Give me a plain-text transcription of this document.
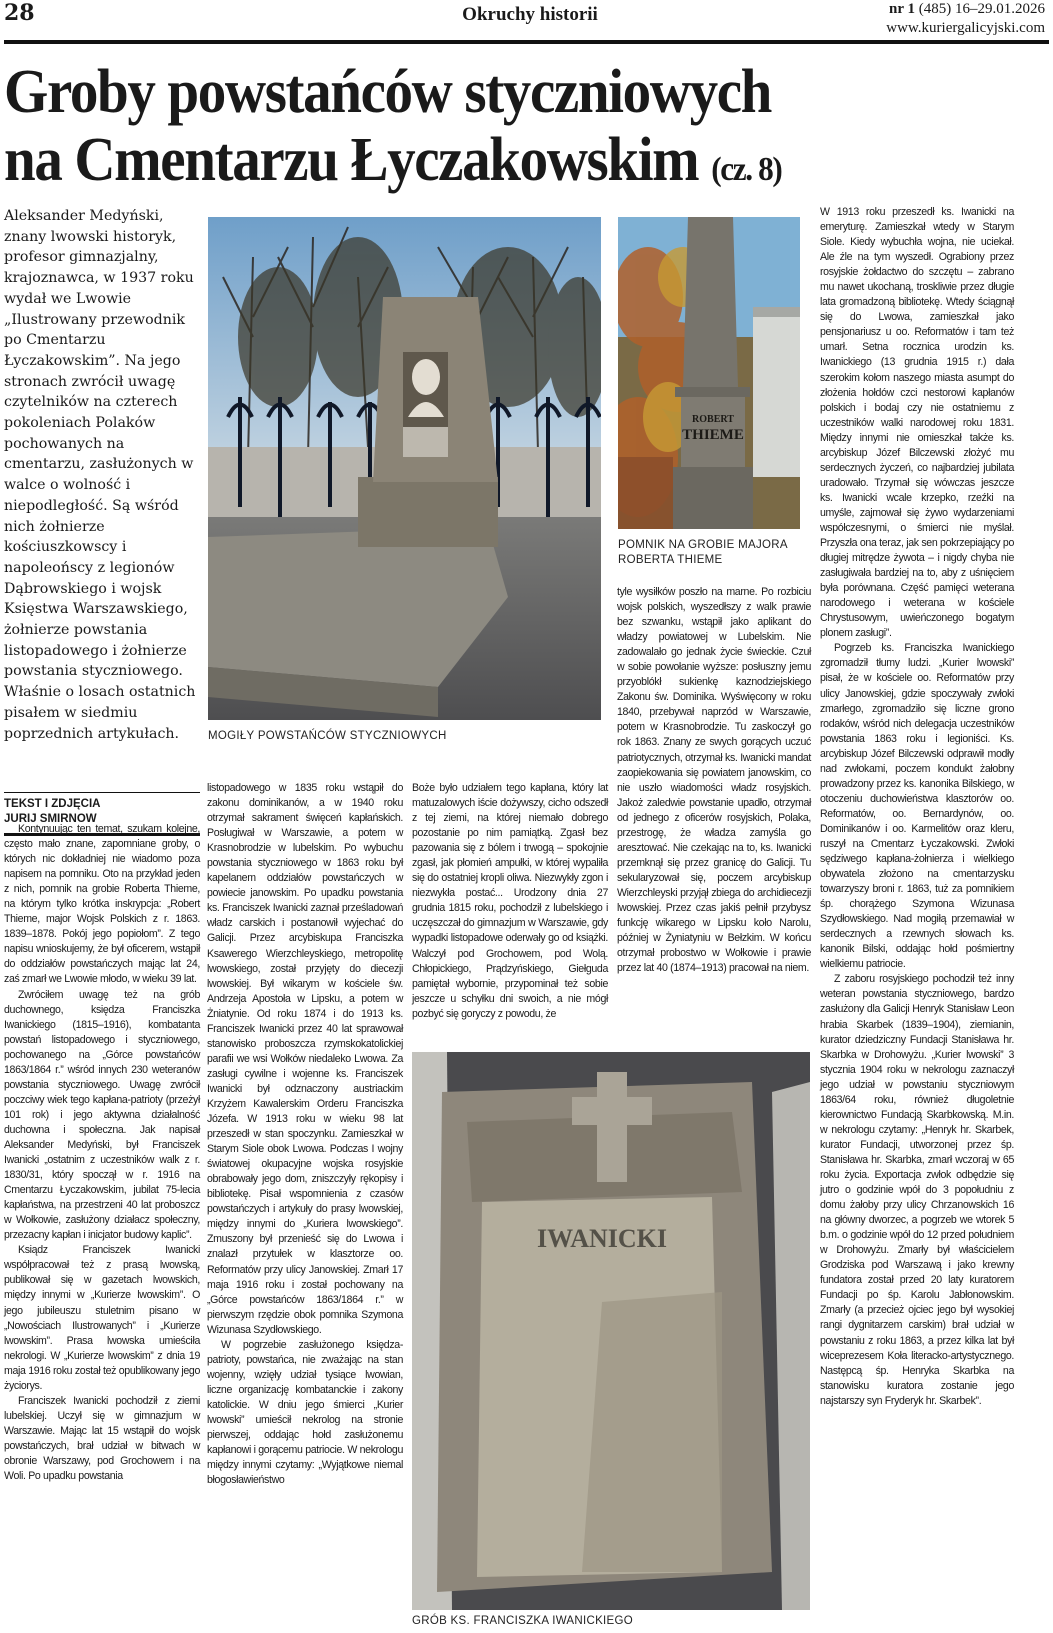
28	Okruchy historii	nr 1 (485) 16–29.01.2026
www.kuriergalicyjski.com
Groby powstańców styczniowych
na Cmentarzu Łyczakowskim (cz. 8)
Aleksander Medyński, znany lwowski historyk, profesor gimnazjalny, krajoznawca, w 1937 roku wydał we Lwowie „Ilustrowany przewodnik po Cmentarzu Łyczakowskim”. Na jego stronach zwrócił uwagę czytelników na czterech pokoleniach Polaków pochowanych na cmentarzu, zasłużonych w walce o wolność i niepodległość. Są wśród nich żołnierze kościuszkowscy i napoleońscy z legionów Dąbrowskiego i wojsk Księstwa Warszawskiego, żołnierze powstania listopadowego i żołnierze powstania styczniowego. Właśnie o losach ostatnich pisałem w siedmiu poprzednich artykułach.
TEKST I ZDJĘCIA
JURIJ SMIRNOW
MOGIŁY POWSTAŃCÓW STYCZNIOWYCH
ROBERT
THIEME
POMNIK NA GROBIE MAJORA ROBERTA THIEME
IWANICKI
GRÓB KS. FRANCISZKA IWANICKIEGO

Kontynuując ten temat, szukam kolejne, często mało znane, zapomniane groby, o których nic dokładniej nie wiadomo poza napisem na pomniku. Oto na przykład jeden z nich, pomnik na grobie Roberta Thieme, na którym tylko krótka inskrypcja: „Robert Thieme, major Wojsk Polskich z r. 1863. 1839–1878. Pokój jego popiołom”. Z tego napisu wnioskujemy, że był oficerem, wstąpił do oddziałów powstańczych mając lat 24, zaś zmarł we Lwowie młodo, w wieku 39 lat.

Zwróciłem uwagę też na grób duchownego, księdza Franciszka Iwanickiego (1815–1916), kombatanta powstań listopadowego i styczniowego, pochowanego na „Górce powstańców 1863/1864 r.” wśród innych 230 weteranów powstania styczniowego. Uwagę zwrócił poczciwy wiek tego kapłana-patrioty (przeżył 101 rok) i jego aktywna działalność duchowna i społeczna. Jak napisał Aleksander Medyński, był Franciszek Iwanicki „ostatnim z uczestników walk z r. 1830/31, który spoczął w r. 1916 na Cmentarzu Łyczakowskim, jubilat 75-lecia kapłaństwa, na przestrzeni 40 lat proboszcz w Wołkowie, zasłużony działacz społeczny, przezacny kapłan i inicjator budowy kaplic”.

Ksiądz Franciszek Iwanicki współpracował też z prasą lwowską, publikował się w gazetach lwowskich, między innymi w „Kurierze lwowskim”. O jego jubileuszu stuletnim pisano w „Nowościach Ilustrowanych” i „Kurierze lwowskim”. Prasa lwowska umieściła nekrologi. W „Kurierze lwowskim” z dnia 19 maja 1916 roku został też opublikowany jego życiorys.

Franciszek Iwanicki pochodził z ziemi lubelskiej. Uczył się w gimnazjum w Warszawie. Mając lat 15 wstąpił do wojsk powstańczych, brał udział w bitwach w obronie Warszawy, pod Grochowem i na Woli. Po upadku powstania

listopadowego w 1835 roku wstąpił do zakonu dominikanów, a w 1940 roku otrzymał sakrament święceń kapłańskich. Posługiwał w Warszawie, a potem w Krasnobrodzie w lubelskim. Po wybuchu powstania styczniowego w 1863 roku był kapelanem oddziałów powstańczych w powiecie janowskim. Po upadku powstania ks. Franciszek Iwanicki zaznał prześladowań władz carskich i postanowił wyjechać do Galicji. Przez arcybiskupa Franciszka Ksawerego Wierzchleyskiego, metropolitę lwowskiego, został przyjęty do diecezji lwowskiej. Był wikarym w kościele św. Andrzeja Apostoła w Lipsku, a potem w Żniatynie. Od roku 1874 i do 1913 ks. Franciszek Iwanicki przez 40 lat sprawował stanowisko proboszcza rzymskokatolickiej parafii we wsi Wołków niedaleko Lwowa. Za zasługi cywilne i wojenne ks. Franciszek Iwanicki był odznaczony austriackim Krzyżem Kawalerskim Orderu Franciszka Józefa. W 1913 roku w wieku 98 lat przeszedł w stan spoczynku. Zamieszkał w Starym Siole obok Lwowa. Podczas I wojny światowej okupacyjne wojska rosyjskie obrabowały jego dom, zniszczyły rękopisy i bibliotekę. Pisał wspomnienia z czasów powstańczych i artykuły do prasy lwowskiej, między innymi do „Kuriera lwowskiego”. Zmuszony był przenieść się do Lwowa i znalazł przytułek w klasztorze oo. Reformatów przy ulicy Janowskiej. Zmarł 17 maja 1916 roku i został pochowany na „Górce powstańców 1863/1864 r.” w pierwszym rzędzie obok pomnika Szymona Wizunasa Szydłowskiego.

W pogrzebie zasłużonego księdza-patrioty, powstańca, nie zważając na stan wojenny, wzięły udział tysiące lwowian, liczne organizację kombatanckie i zakony katolickie. W dniu jego śmierci „Kurier lwowski” umieścił nekrolog na stronie pierwszej, oddając hołd zasłużonemu kapłanowi i gorącemu patriocie. W nekrologu między innymi czytamy: „Wyjątkowe niemal błogosławieństwo

Boże było udziałem tego kapłana, który lat matuzalowych iście dożywszy, cicho odszedł z tej ziemi, na której niemało dobrego pozostanie po nim pamiątką. Zgasł bez pazowania się z bólem i trwogą – spokojnie zgasł, jak płomień ampułki, w której wypaliła się do ostatniej kropli oliwa. Niezwykły zgon i niezwykła postać... Urodzony dnia 27 grudnia 1815 roku, pochodził z lubelskiego i uczęszczał do gimnazjum w Warszawie, gdy wypadki listopadowe oderwały go od książki. Walczył pod Grochowem, pod Wolą. Chłopickiego, Prądzyńskiego, Giełguda pamiętał wybornie, przypominał też sobie jeszcze u schyłku dni swoich, a nie mógł pozbyć się goryczy z powodu, że

tyle wysiłków poszło na marne. Po rozbiciu wojsk polskich, wyszedłszy z walk prawie bez szwanku, wstąpił jako aplikant do władzy powiatowej w Lubelskim. Nie zadowalało go jednak życie świeckie. Czuł w sobie powołanie wyższe: posłuszny jemu przyoblókł sukienkę kaznodziejskiego Zakonu św. Dominika. Wyświęcony w roku 1840, przebywał naprzód w Warszawie, potem w Krasnobrodzie. Tu zaskoczył go rok 1863. Znany ze swych gorących uczuć patriotycznych, otrzymał ks. Iwanicki mandat zaopiekowania się powiatem janowskim, co nie uszło wiadomości władz rosyjskich. Jakoż zaledwie powstanie upadło, otrzymał od jednego z oficerów rosyjskich, Polaka, przestrogę, że władza zamyśla go aresztować. Nie czekając na to, ks. Iwanicki przemknął się przez granicę do Galicji. Tu sekularyzował się, poczem arcybiskup Wierzchleyski przyjął zbiega do archidiecezji lwowskiej. Przez czas jakiś pełnił przybysz funkcję wikarego w Lipsku koło Narolu, później w Żyniatyniu w Bełzkim. W końcu otrzymał probostwo w Wołkowie i prawie przez lat 40 (1874–1913) pracował na niem.

W 1913 roku przeszedł ks. Iwanicki na emeryturę. Zamieszkał wtedy w Starym Siole. Kiedy wybuchła wojna, nie uciekał. Ale źle na tym wyszedł. Ograbiony przez rosyjskie żołdactwo do szczętu – zabrano mu nawet ukochaną, troskliwie przez długie lata gromadzoną bibliotekę. Wtedy ściągnął się do Lwowa, zamieszkał jako pensjonariusz u oo. Reformatów i tam też umarł. Setna rocznica urodzin ks. Iwanickiego (13 grudnia 1915 r.) dała szerokim kołom naszego miasta asumpt do złożenia hołdów czci nestorowi kapłanów polskich i bodaj czy nie ostatniemu z uczestników walki narodowej roku 1831. Między innymi nie omieszkał także ks. arcybiskup Józef Bilczewski złożyć mu serdecznych życzeń, co najbardziej jubilata uradowało. Trzymał się wówczas jeszcze ks. Iwanicki wcale krzepko, rzeźki na umyśle, zajmował się żywo wydarzeniami współczesnymi, o śmierci nie myślał. Przyszła ona teraz, jak sen pokrzepiający po długiej mitrędze żywota – i nigdy chyba nie zasługiwała bardziej na to, aby z uśnięciem była porównana. Część pamięci weterana narodowego i weterana w kościele Chrystusowym, uwieńczonego bogatym plonem zasługi”.

Pogrzeb ks. Franciszka Iwanickiego zgromadził tłumy ludzi. „Kurier lwowski” pisał, że w kościele oo. Reformatów przy ulicy Janowskiej, gdzie spoczywały zwłoki zmarłego, zgromadziło się liczne grono rodaków, wśród nich delegacja uczestników powstania 1863 roku i legioniści. Ks. arcybiskup Józef Bilczewski odprawił modły nad zwłokami, poczem kondukt żałobny prowadzony przez ks. kanonika Bilskiego, w otoczeniu duchowieństwa klasztorów oo. Reformatów, oo. Bernardynów, oo. Dominikanów i oo. Karmelitów oraz kleru, ruszył na Cmentarz Łyczakowski. Zwłoki sędziwego kapłana-żołnierza i wielkiego obywatela złożono na cmentarzysku towarzyszy broni r. 1863, tuż za pomnikiem śp. chorążego Szymona Wizunasa Szydłowskiego. Nad mogiłą przemawiał w serdecznych a rzewnych słowach ks. kanonik Bilski, oddając hołd pośmiertny wielkiemu patriocie.

Z zaboru rosyjskiego pochodził też inny weteran powstania styczniowego, bardzo zasłużony dla Galicji Henryk Stanisław Leon hrabia Skarbek (1839–1904), ziemianin, kurator dziedziczny Fundacji Stanisława hr. Skarbka w Drohowyżu. „Kurier lwowski” 3 stycznia 1904 roku w nekrologu zaznaczył jego udział w powstaniu styczniowym 1863/64 roku, również długoletnie kierownictwo Fundacją Skarbkowską. M.in. w nekrologu czytamy: „Henryk hr. Skarbek, kurator Fundacji, utworzonej przez śp. Stanisława hr. Skarbka, zmarł wczoraj w 65 roku życia. Exportacja zwłok odbędzie się jutro o godzinie wpół do 3 popołudniu z domu żałoby przy ulicy Chrzanowskich 16 na główny dworzec, a pogrzeb we wtorek 5 b.m. o godzinie wpół do 12 przed południem w Drohowyżu. Zmarły był właścicielem Grodziska pod Warszawą i jako krewny fundatora został przed 20 laty kuratorem Fundacji po śp. Karolu Jabłonowskim. Zmarły (a przecież ojciec jego był wysokiej rangi dygnitarzem carskim) brał udział w powstaniu z roku 1863, a przez kilka lat był wiceprezesem Koła literacko-artystycznego. Następcą śp. Henryka Skarbka na stanowisku kuratora zostanie jego najstarszy syn Fryderyk hr. Skarbek”.
